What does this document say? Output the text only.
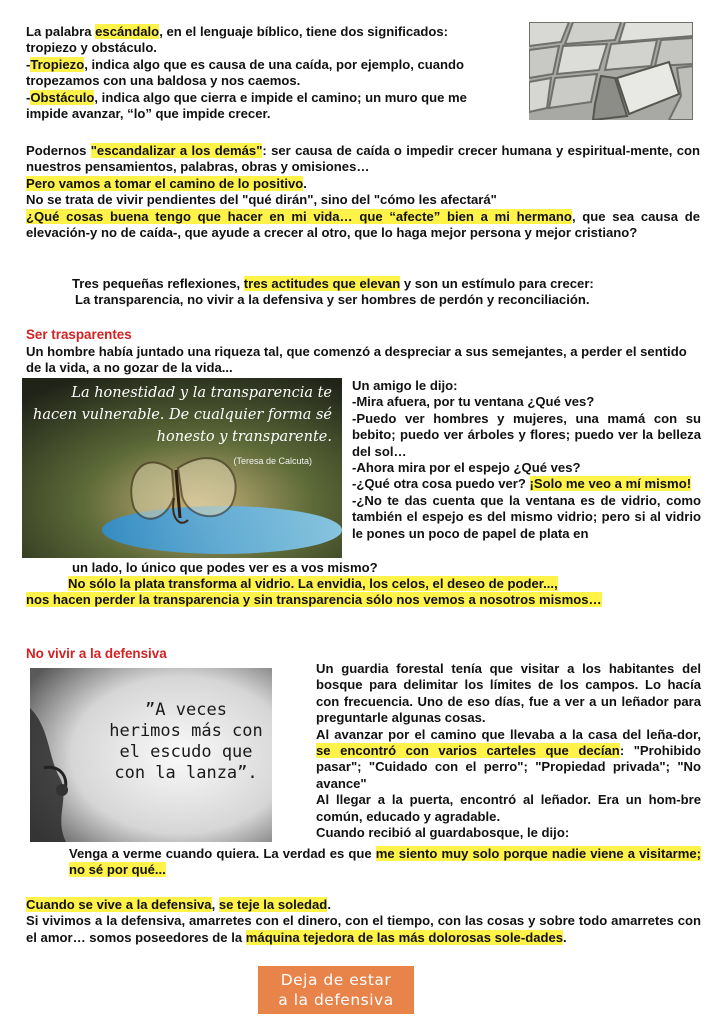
La palabra escándalo, en el lenguaje bíblico, tiene dos significados:
tropiezo y obstáculo.
-Tropiezo, indica algo que es causa de una caída, por ejemplo, cuando
tropezamos con una baldosa y nos caemos.
-Obstáculo, indica algo que cierra e impide el camino; un muro que me
impide avanzar, “lo” que impide crecer.
Podernos "escandalizar a los demás": ser causa de caída o impedir crecer humana y espiritual-mente, con nuestros pensamientos, palabras, obras y omisiones…
Pero vamos a tomar el camino de lo positivo.
No se trata de vivir pendientes del "qué dirán", sino del "cómo les afectará"
¿Qué cosas buena tengo que hacer en mi vida… que “afecte” bien a mi hermano, que sea causa de elevación-y no de caída-, que ayude a crecer al otro, que lo haga mejor persona y mejor cristiano?
Tres pequeñas reflexiones, tres actitudes que elevan y son un estímulo para crecer:
La transparencia, no vivir a la defensiva y ser hombres de perdón y reconciliación.
Ser trasparentes
Un hombre había juntado una riqueza tal, que comenzó a despreciar a sus semejantes, a perder el sentido de la vida, a no gozar de la vida...
La honestidad y la transparencia te hacen vulnerable. De cualquier forma sé honesto y transparente.
(Teresa de Calcuta)
Un amigo le dijo:
-Mira afuera, por tu ventana ¿Qué ves?
-Puedo ver hombres y mujeres, una mamá con su bebito; puedo ver árboles y flores; puedo ver la belleza del sol…
-Ahora mira por el espejo ¿Qué ves?
-¿Qué otra cosa puedo ver? ¡Solo me veo a mí mismo!
-¿No te das cuenta que la ventana es de vidrio, como también el espejo es del mismo vidrio; pero si al vidrio le pones un poco de papel de plata en
un lado, lo único que podes ver es a vos mismo?
No sólo la plata transforma al vidrio. La envidia, los celos, el deseo de poder...,
nos hacen perder la transparencia y sin transparencia sólo nos vemos a nosotros mismos…
No vivir a la defensiva
”A veces herimos más con el escudo que con la lanza”.
Un guardia forestal tenía que visitar a los habitantes del bosque para delimitar los límites de los campos. Lo hacía con frecuencia. Uno de eso días, fue a ver a un leñador para preguntarle algunas cosas.
Al avanzar por el camino que llevaba a la casa del leña-dor, se encontró con varios carteles que decían: "Prohibido pasar"; "Cuidado con el perro"; "Propiedad privada"; "No avance"
Al llegar a la puerta, encontró al leñador. Era un hom-bre común, educado y agradable.
Cuando recibió al guardabosque, le dijo:
Venga a verme cuando quiera. La verdad es que me siento muy solo porque nadie viene a visitarme; no sé por qué...
Cuando se vive a la defensiva, se teje la soledad.
Si vivimos a la defensiva, amarretes con el dinero, con el tiempo, con las cosas y sobre todo amarretes con el amor… somos poseedores de la máquina tejedora de las más dolorosas sole-dades.
Deja de estar
a la defensiva
